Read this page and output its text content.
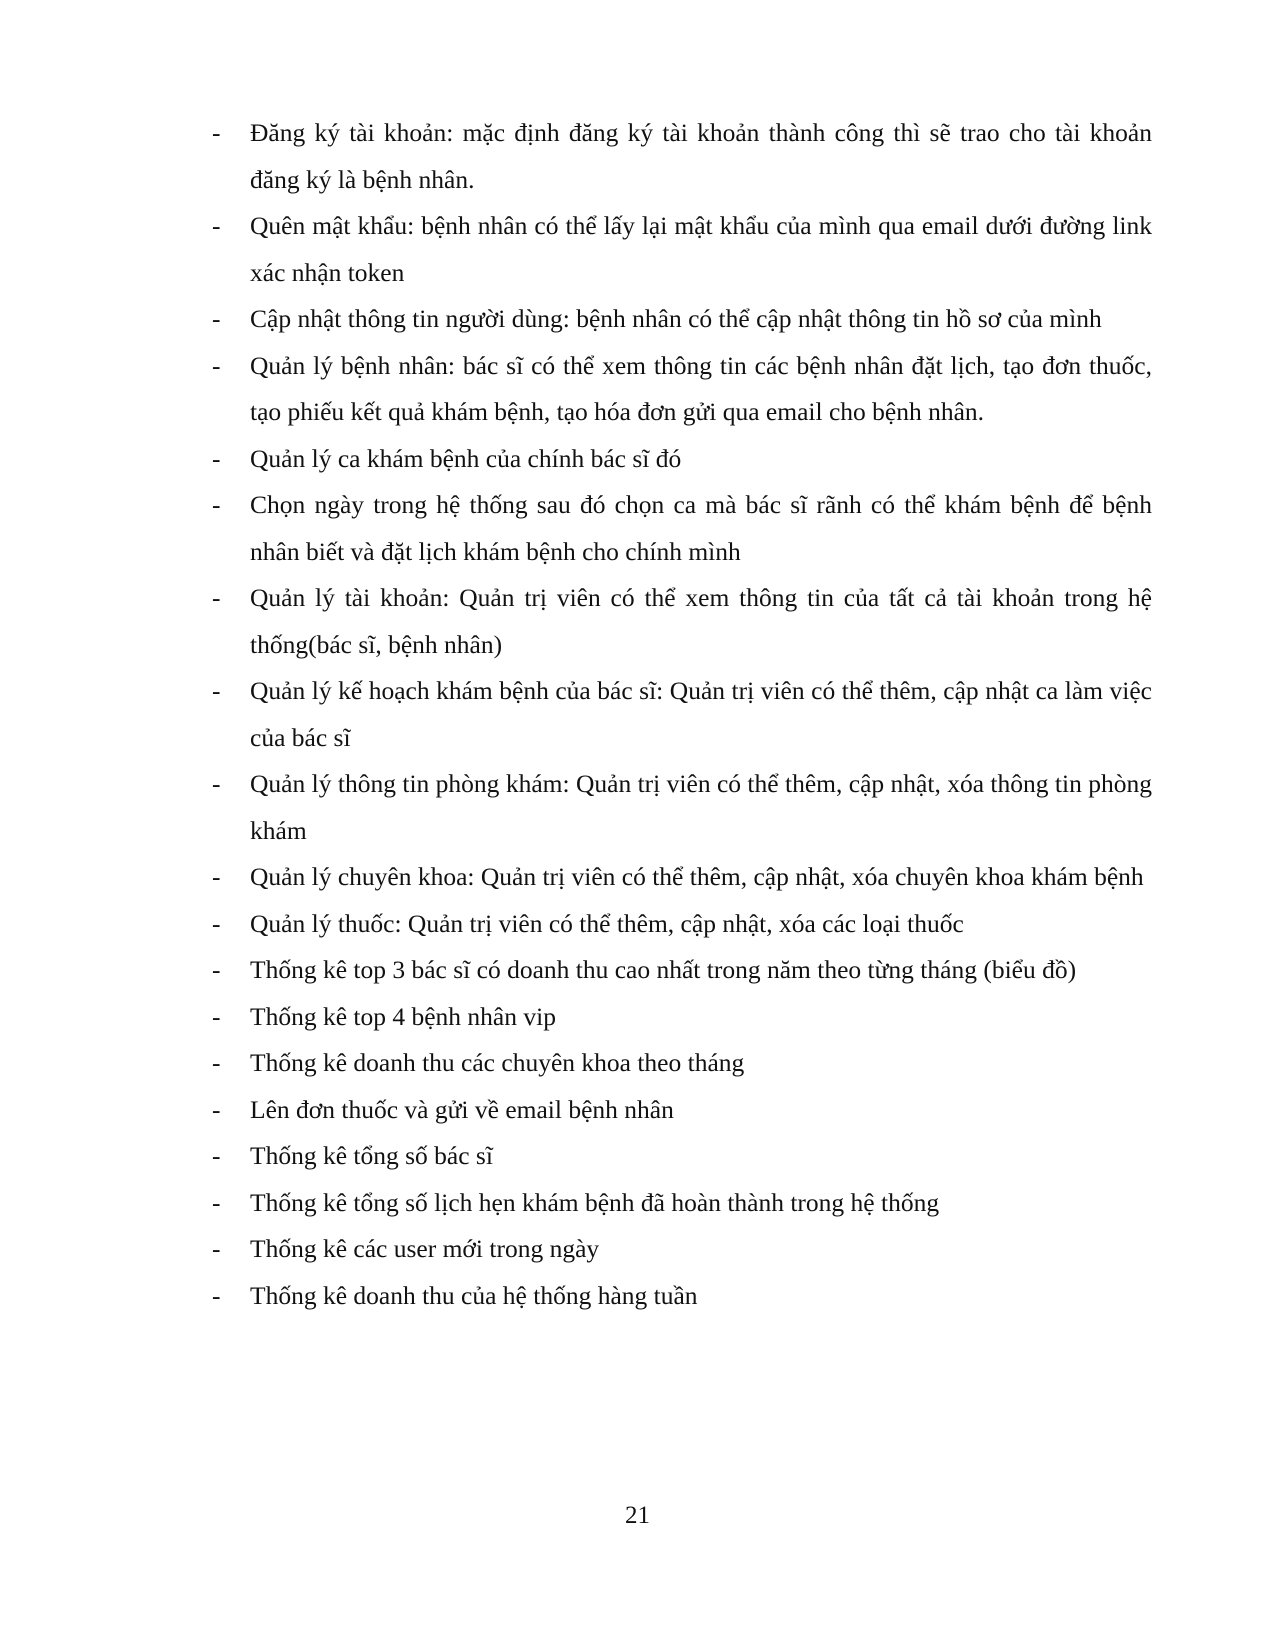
-	Đăng ký tài khoản: mặc định đăng ký tài khoản thành công thì sẽ trao cho tài khoản đăng ký là bệnh nhân.
-	Quên mật khẩu: bệnh nhân có thể lấy lại mật khẩu của mình qua email dưới đường link xác nhận token
-	Cập nhật thông tin người dùng: bệnh nhân có thể cập nhật thông tin hồ sơ của mình
-	Quản lý bệnh nhân: bác sĩ có thể xem thông tin các bệnh nhân đặt lịch, tạo đơn thuốc, tạo phiếu kết quả khám bệnh, tạo hóa đơn gửi qua email cho bệnh nhân.
-	Quản lý ca khám bệnh của chính bác sĩ đó
-	Chọn ngày trong hệ thống sau đó chọn ca mà bác sĩ rãnh có thể khám bệnh để bệnh nhân biết và đặt lịch khám bệnh cho chính mình
-	Quản lý tài khoản: Quản trị viên có thể xem thông tin của tất cả tài khoản trong hệ thống(bác sĩ, bệnh nhân)
-	Quản lý kế hoạch khám bệnh của bác sĩ: Quản trị viên có thể thêm, cập nhật ca làm việc của bác sĩ
-	Quản lý thông tin phòng khám: Quản trị viên có thể thêm, cập nhật, xóa thông tin phòng khám
-	Quản lý chuyên khoa: Quản trị viên có thể thêm, cập nhật, xóa chuyên khoa khám bệnh
-	Quản lý thuốc: Quản trị viên có thể thêm, cập nhật, xóa các loại thuốc
-	Thống kê top 3 bác sĩ có doanh thu cao nhất trong năm theo từng tháng (biểu đồ)
-	Thống kê top 4 bệnh nhân vip
-	Thống kê doanh thu các chuyên khoa theo tháng
-	Lên đơn thuốc và gửi về email bệnh nhân
-	Thống kê tổng số bác sĩ
-	Thống kê tổng số lịch hẹn khám bệnh đã hoàn thành trong hệ thống
-	Thống kê các user mới trong ngày
-	Thống kê doanh thu của hệ thống hàng tuần
21
